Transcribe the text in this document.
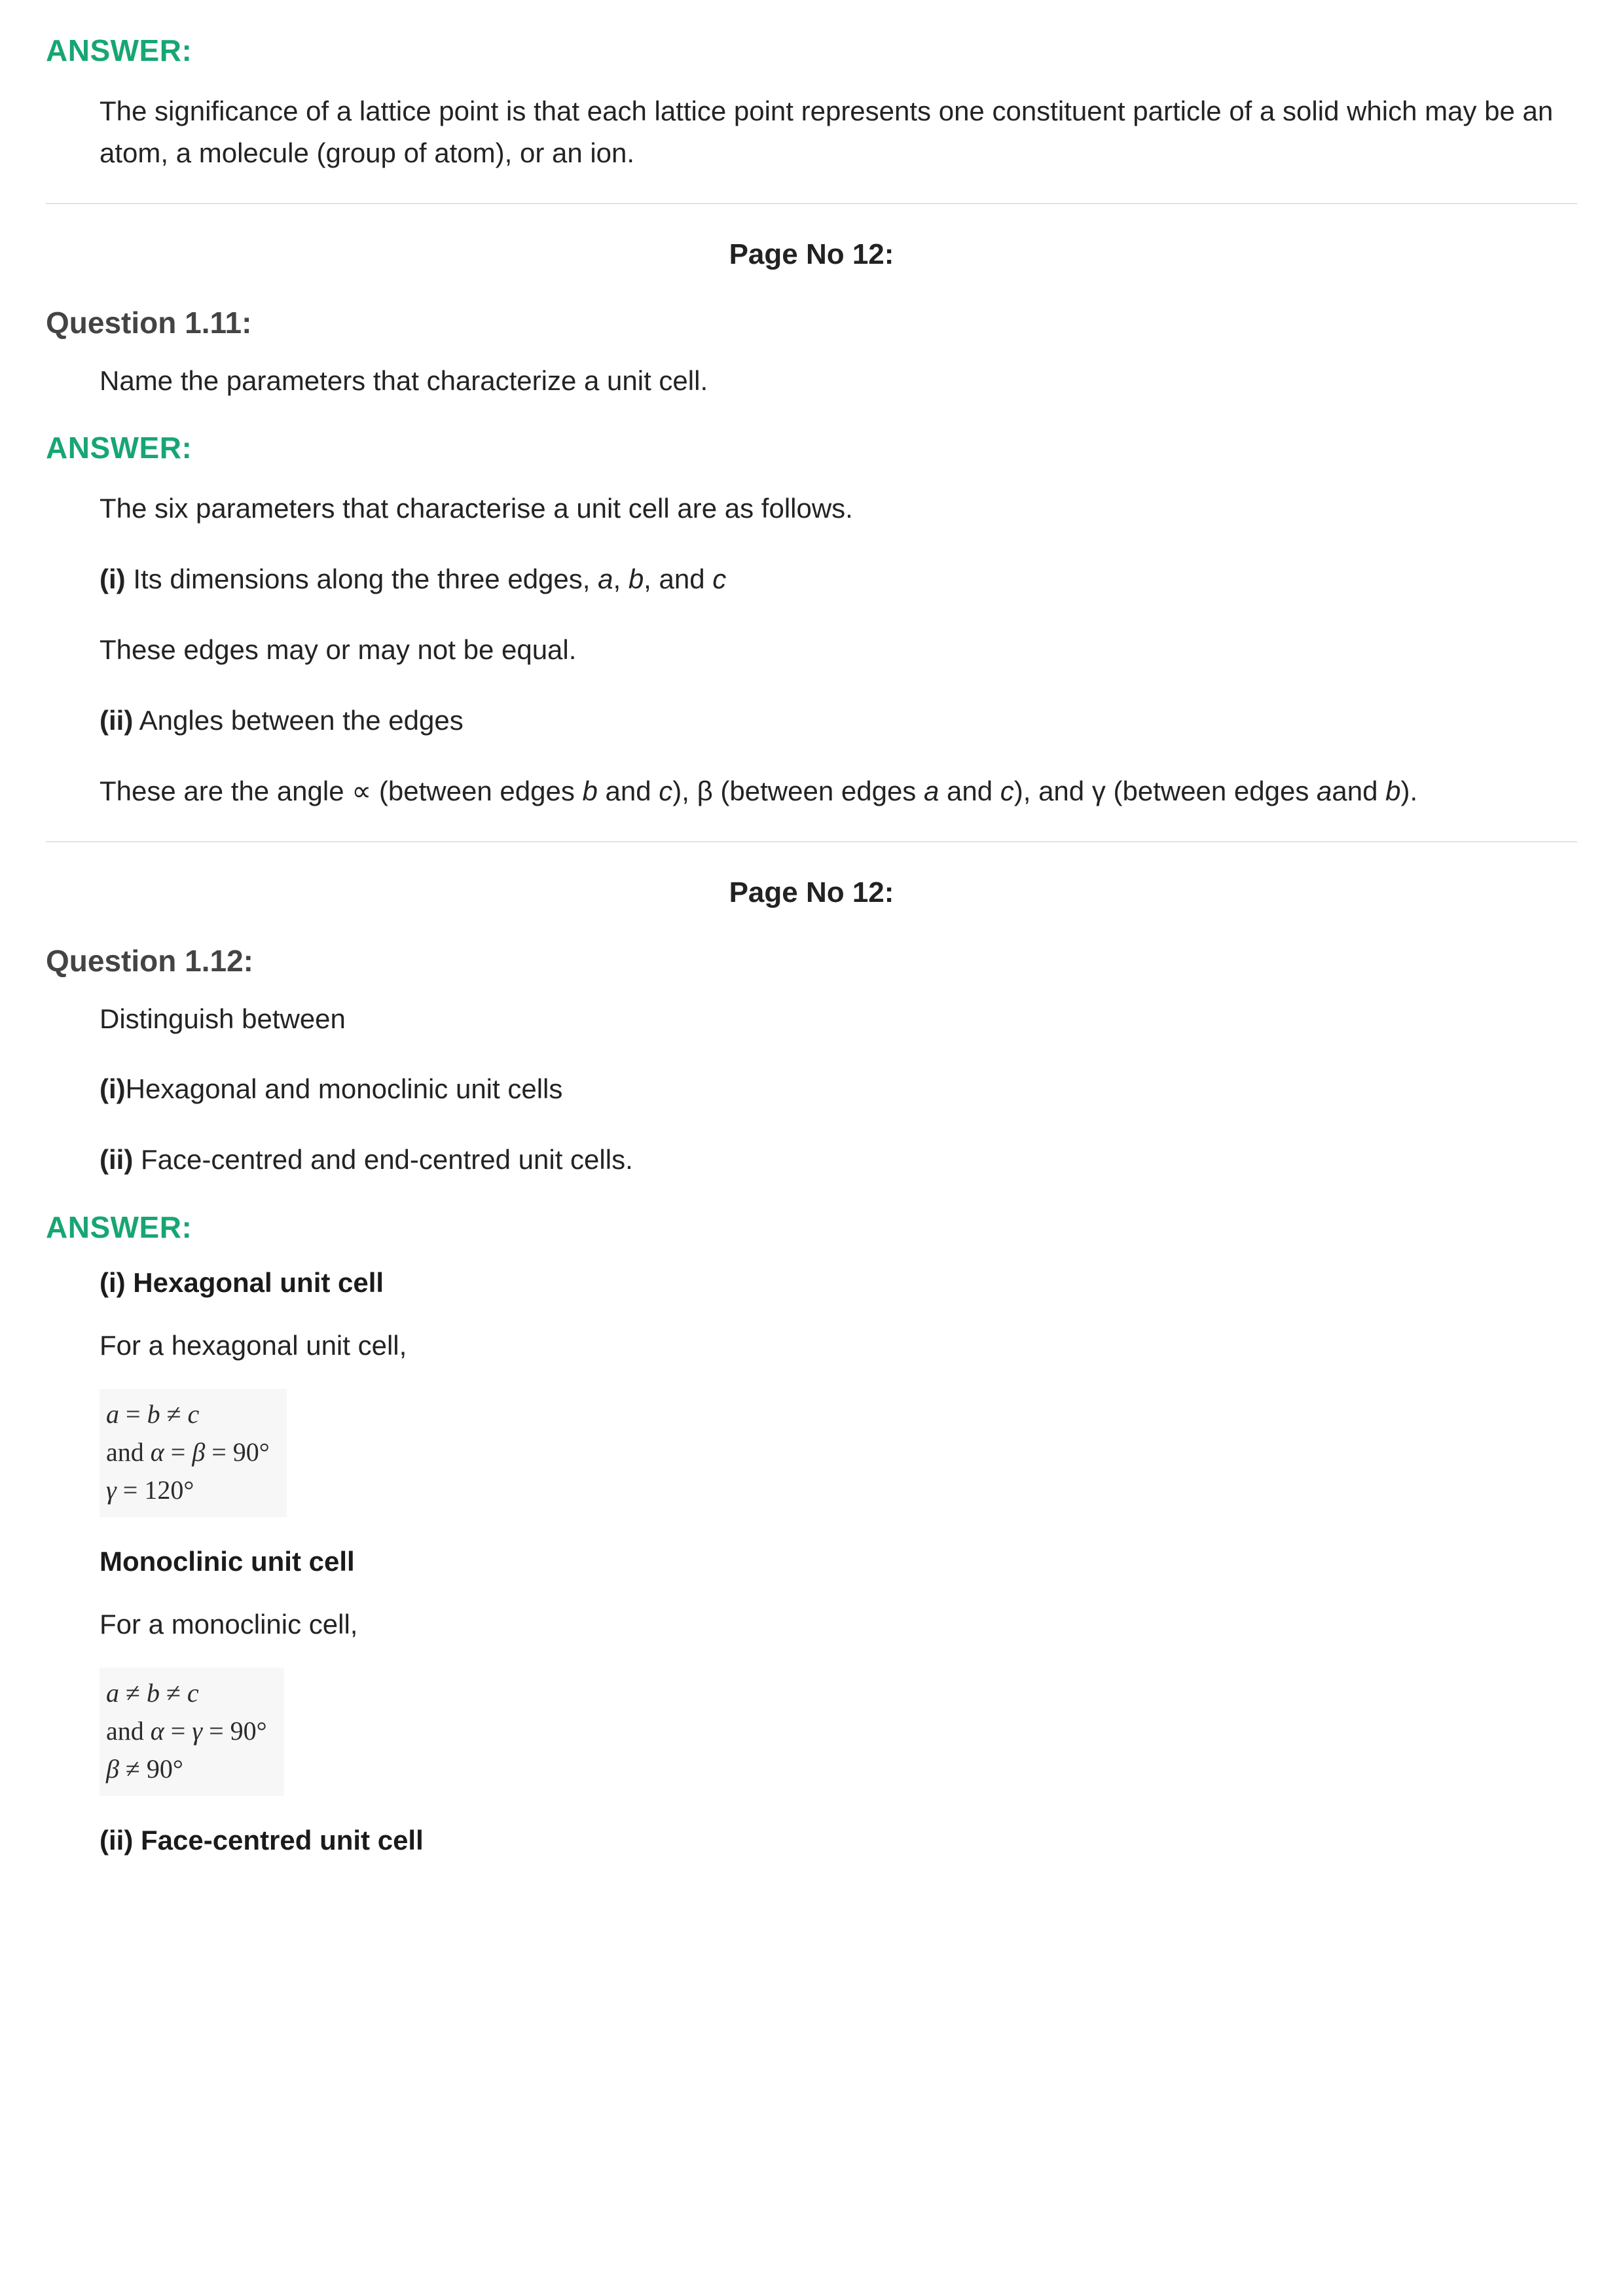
ANSWER:

The significance of a lattice point is that each lattice point represents one constituent particle of a solid which may be an atom, a molecule (group of atom), or an ion.

Page No 12:
Question 1.11:

Name the parameters that characterize a unit cell.

ANSWER:

The six parameters that characterise a unit cell are as follows.

(i) Its dimensions along the three edges, a, b, and c

These edges may or may not be equal.

(ii) Angles between the edges

These are the angle ∝ (between edges b and c), β (between edges a and c), and γ (between edges aand b).

Page No 12:
Question 1.12:

Distinguish between

(i)Hexagonal and monoclinic unit cells

(ii) Face-centred and end-centred unit cells.

ANSWER:
(i) Hexagonal unit cell

For a hexagonal unit cell,

a = b ≠ c
and α = β = 90°
γ = 120°
Monoclinic unit cell

For a monoclinic cell,

a ≠ b ≠ c
and α = γ = 90°
β ≠ 90°
(ii) Face-centred unit cell
